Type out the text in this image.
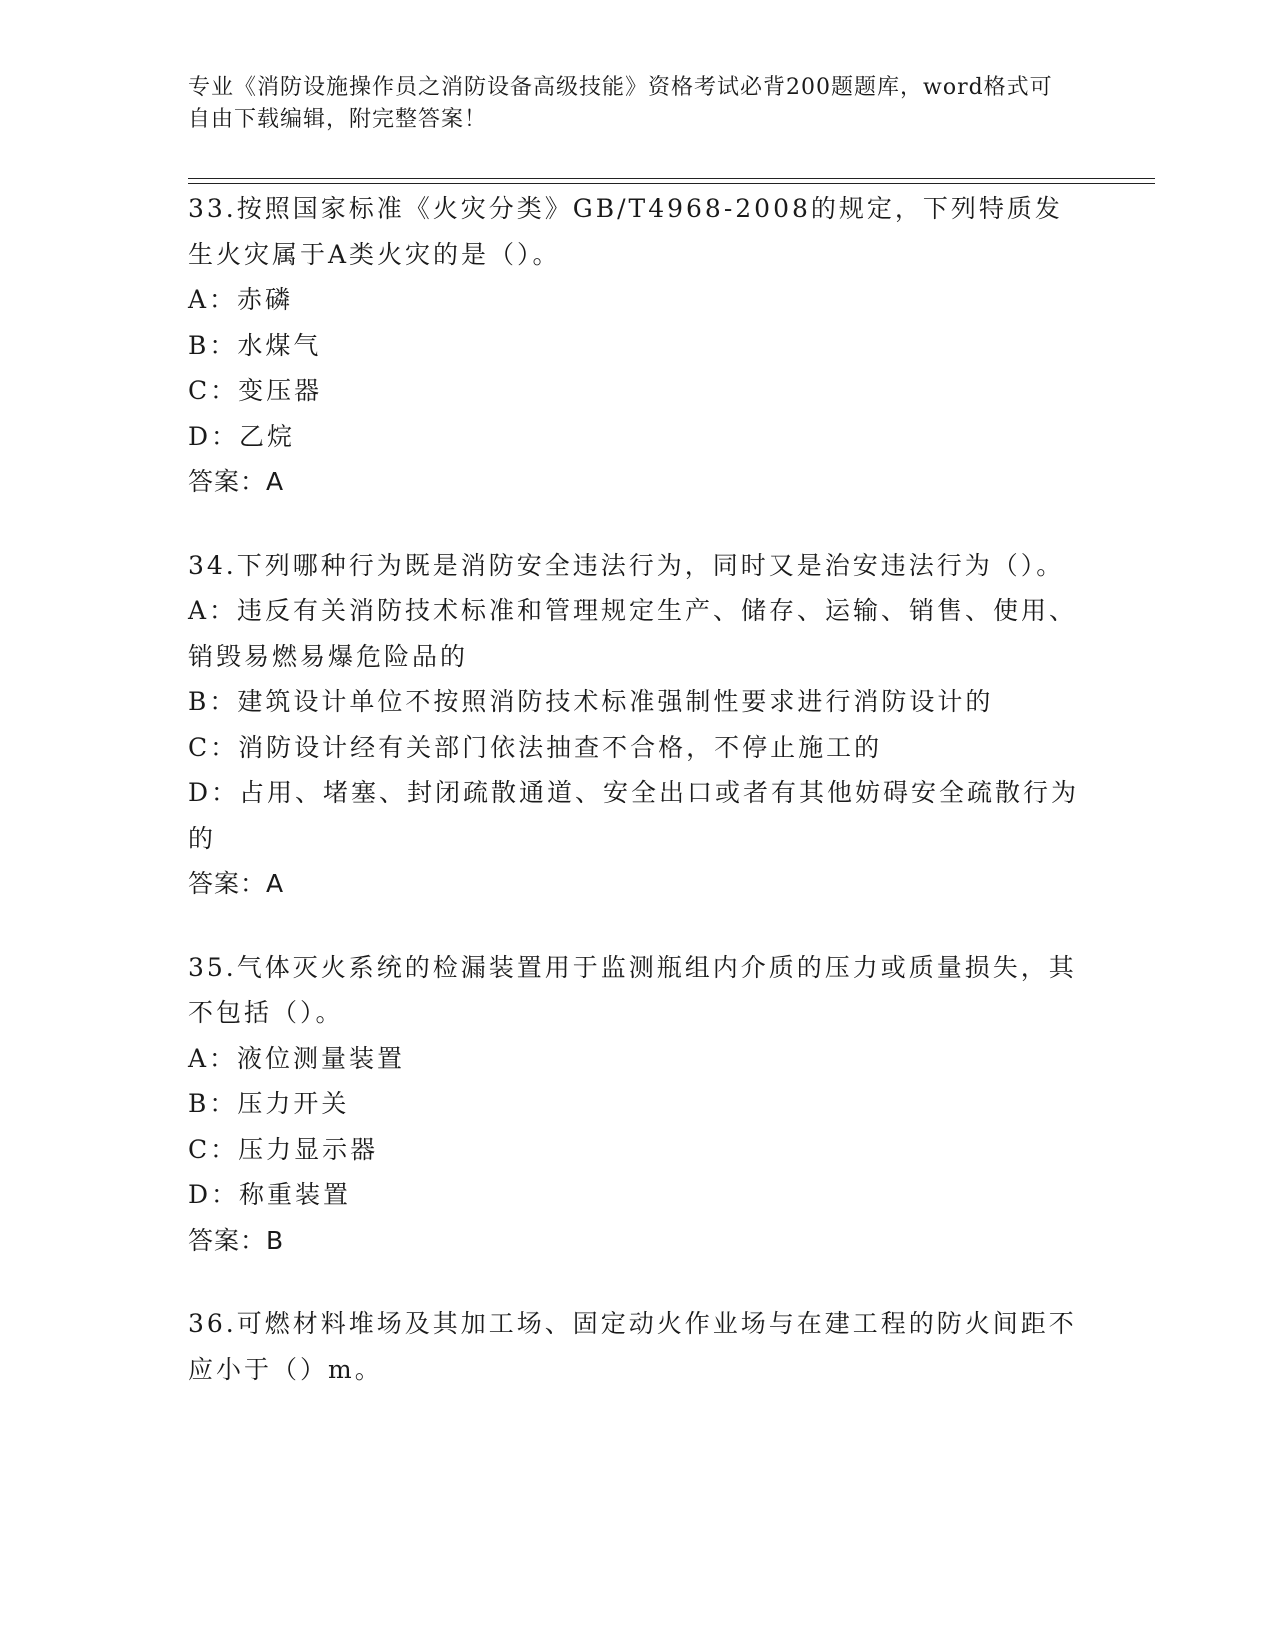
专业《消防设施操作员之消防设备高级技能》资格考试必背200题题库，word格式可自由下载编辑，附完整答案！

33.按照国家标准《火灾分类》GB/T4968-2008的规定，下列特质发生火灾属于A类火灾的是（）。

A：赤磷

B：水煤气

C：变压器

D：乙烷

答案：A

34.下列哪种行为既是消防安全违法行为，同时又是治安违法行为（）。

A：违反有关消防技术标准和管理规定生产、储存、运输、销售、使用、销毁易燃易爆危险品的

B：建筑设计单位不按照消防技术标准强制性要求进行消防设计的

C：消防设计经有关部门依法抽查不合格，不停止施工的

D：占用、堵塞、封闭疏散通道、安全出口或者有其他妨碍安全疏散行为的

答案：A

35.气体灭火系统的检漏装置用于监测瓶组内介质的压力或质量损失，其不包括（）。

A：液位测量装置

B：压力开关

C：压力显示器

D：称重装置

答案：B

36.可燃材料堆场及其加工场、固定动火作业场与在建工程的防火间距不应小于（）m。
